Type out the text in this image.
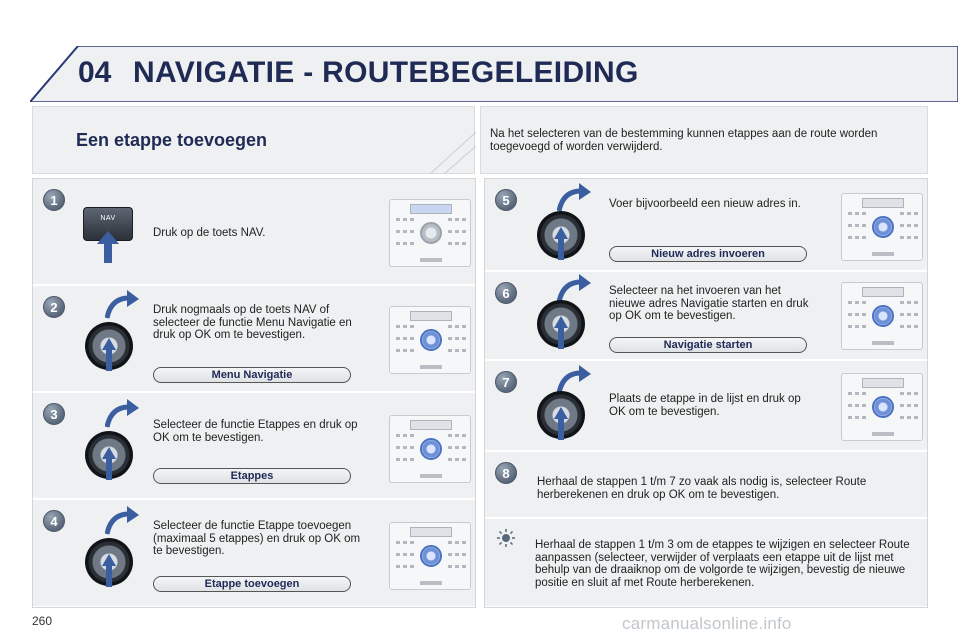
04 NAVIGATIE - ROUTEBEGELEIDING
Een etappe toevoegen	Na het selecteren van de bestemming kunnen etappes aan de route worden toegevoegd of worden verwijderd.
1
NAV
Druk op de toets NAV.
2	Druk nogmaals op de toets NAV of selecteer de functie Menu Navigatie en druk op OK om te bevestigen.
Menu Navigatie
3
Selecteer de functie Etappes en druk op OK om te bevestigen.
Etappes
4	Selecteer de functie Etappe toevoegen (maximaal 5 etappes) en druk op OK om te bevestigen.
Etappe toevoegen
5	Voer bijvoorbeeld een nieuw adres in.
Nieuw adres invoeren
6	Selecteer na het invoeren van het nieuwe adres Navigatie starten en druk op OK om te bevestigen.
Navigatie starten
7
Plaats de etappe in de lijst en druk op OK om te bevestigen.
8
Herhaal de stappen 1 t/m 7 zo vaak als nodig is, selecteer Route herberekenen en druk op OK om te bevestigen.
Herhaal de stappen 1 t/m 3 om de etappes te wijzigen en selecteer Route aanpassen (selecteer, verwijder of verplaats een etappe uit de lijst met behulp van de draaiknop om de volgorde te wijzigen, bevestig de nieuwe positie en sluit af met Route herberekenen.
260	carmanualsonline.info
